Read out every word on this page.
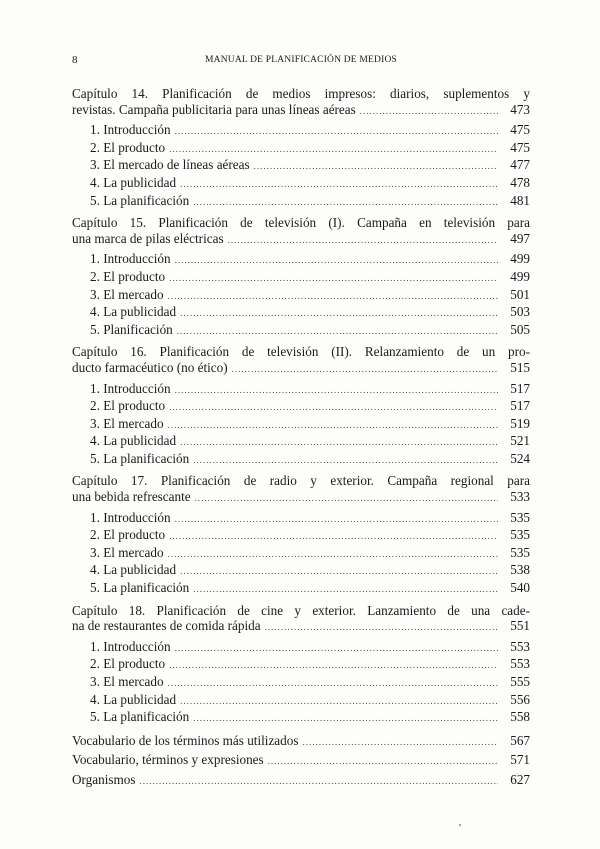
8	MANUAL DE PLANIFICACIÓN DE MEDIOS
Capítulo 14. Planificación de medios impresos: diarios, suplementos y
revistas. Campaña publicitaria para unas líneas aéreas .....	473
1. Introducción .....	475
2. El producto .....	475
3. El mercado de líneas aéreas .....	477
4. La publicidad .....	478
5. La planificación .....	481
Capítulo 15. Planificación de televisión (I). Campaña en televisión para
una marca de pilas eléctricas .....	497
1. Introducción .....	499
2. El producto .....	499
3. El mercado .....	501
4. La publicidad .....	503
5. Planificación .....	505
Capítulo 16. Planificación de televisión (II). Relanzamiento de un pro-
ducto farmacéutico (no ético) .....	515
1. Introducción .....	517
2. El producto .....	517
3. El mercado .....	519
4. La publicidad .....	521
5. La planificación .....	524
Capítulo 17. Planificación de radio y exterior. Campaña regional para
una bebida refrescante .....	533
1. Introducción .....	535
2. El producto .....	535
3. El mercado .....	535
4. La publicidad .....	538
5. La planificación .....	540
Capítulo 18. Planificación de cine y exterior. Lanzamiento de una cade-
na de restaurantes de comida rápida .....	551
1. Introducción .....	553
2. El producto .....	553
3. El mercado .....	555
4. La publicidad .....	556
5. La planificación .....	558
Vocabulario de los términos más utilizados .....	567
Vocabulario, términos y expresiones .....	571
Organismos .....	627
